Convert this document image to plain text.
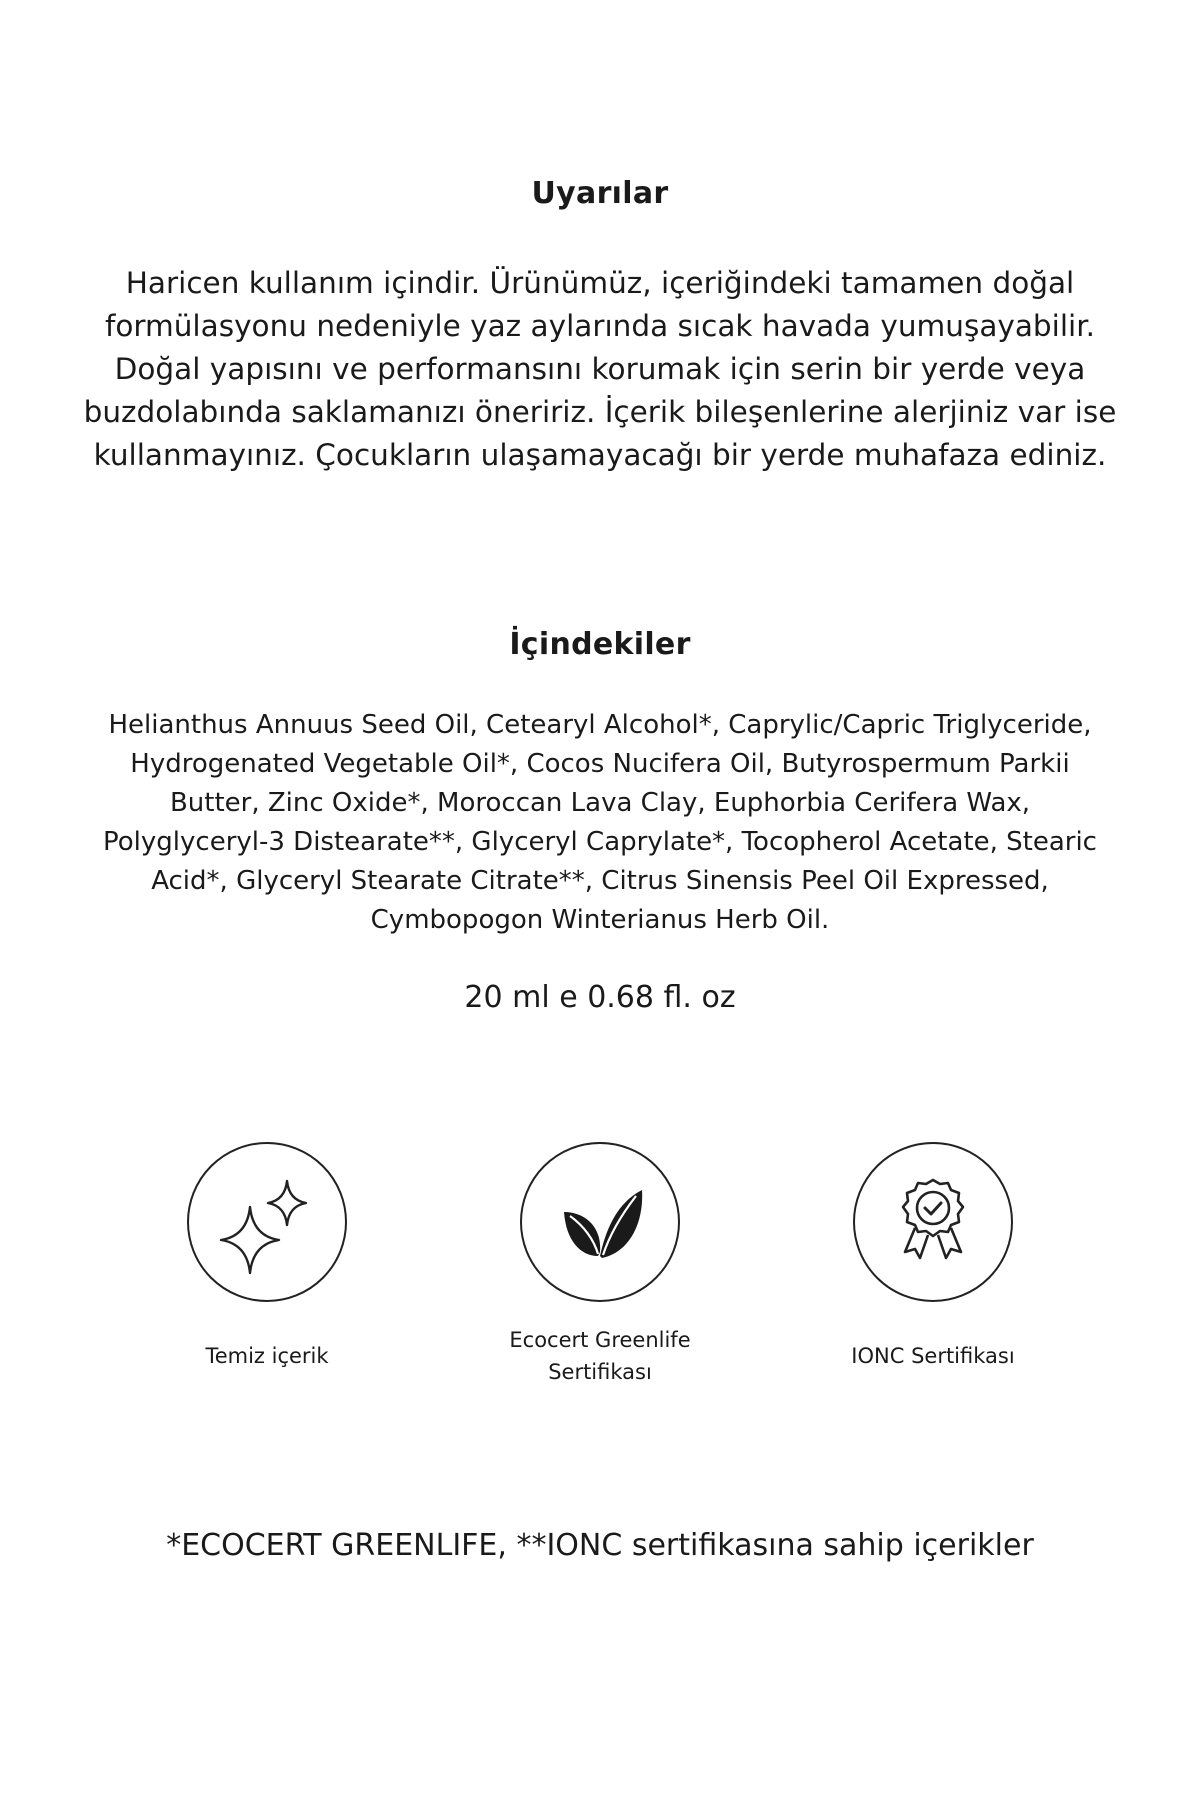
Uyarılar

Haricen kullanım içindir. Ürünümüz, içeriğindeki tamamen doğal formülasyonu nedeniyle yaz aylarında sıcak havada yumuşayabilir. Doğal yapısını ve performansını korumak için serin bir yerde veya buzdolabında saklamanızı öneririz. İçerik bileşenlerine alerjiniz var ise kullanmayınız. Çocukların ulaşamayacağı bir yerde muhafaza ediniz.

İçindekiler

Helianthus Annuus Seed Oil, Cetearyl Alcohol*, Caprylic/Capric Triglyceride, Hydrogenated Vegetable Oil*, Cocos Nucifera Oil, Butyrospermum Parkii Butter, Zinc Oxide*, Moroccan Lava Clay, Euphorbia Cerifera Wax, Polyglyceryl-3 Distearate**, Glyceryl Caprylate*, Tocopherol Acetate, Stearic Acid*, Glyceryl Stearate Citrate**, Citrus Sinensis Peel Oil Expressed, Cymbopogon Winterianus Herb Oil.

20 ml e 0.68 fl. oz

Temiz içerik
Ecocert Greenlife Sertifikası
IONC Sertifikası

*ECOCERT GREENLIFE, **IONC sertifikasına sahip içerikler
